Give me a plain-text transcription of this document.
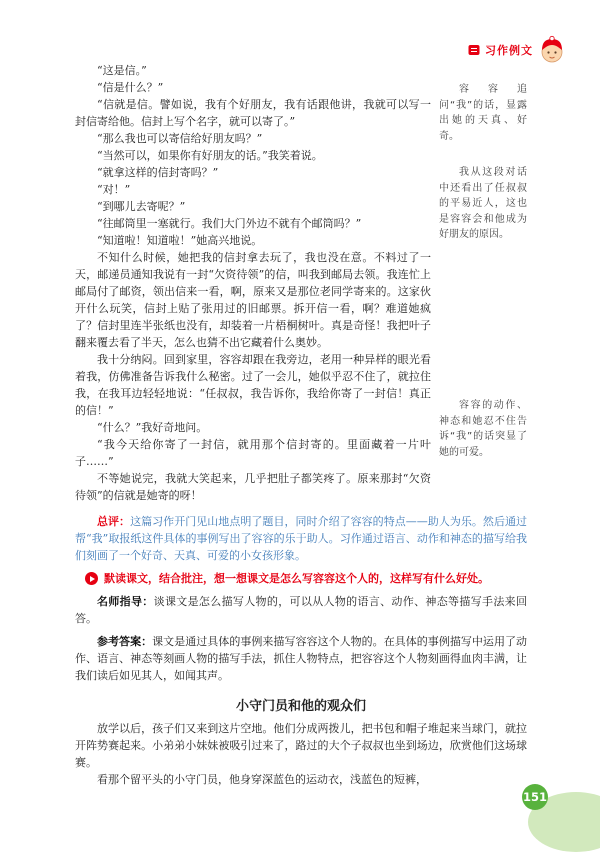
习作例文

“这是信。”

“信是什么？”

“信就是信。譬如说，我有个好朋友，我有话跟他讲，我就可以写一封信寄给他。信封上写个名字，就可以寄了。”

“那么我也可以寄信给好朋友吗？”

“当然可以，如果你有好朋友的话。”我笑着说。

“就拿这样的信封寄吗？”

“对！”

“到哪儿去寄呢？”

“往邮筒里一塞就行。我们大门外边不就有个邮筒吗？”

“知道啦！知道啦！”她高兴地说。

不知什么时候，她把我的信封拿去玩了，我也没在意。不料过了一天，邮递员通知我说有一封“欠资待领”的信，叫我到邮局去领。我连忙上邮局付了邮资，领出信来一看，啊，原来又是那位老同学寄来的。这家伙开什么玩笑，信封上贴了张用过的旧邮票。拆开信一看，啊？难道她疯了？信封里连半张纸也没有，却装着一片梧桐树叶。真是奇怪！我把叶子翻来覆去看了半天，怎么也猜不出它藏着什么奥妙。

我十分纳闷。回到家里，容容却跟在我旁边，老用一种异样的眼光看着我，仿佛准备告诉我什么秘密。过了一会儿，她似乎忍不住了，就拉住我，在我耳边轻轻地说：“任叔叔，我告诉你，我给你寄了一封信！真正的信！”

“什么？”我好奇地问。

“我今天给你寄了一封信，就用那个信封寄的。里面藏着一片叶子……”

不等她说完，我就大笑起来，几乎把肚子都笑疼了。原来那封“欠资待领”的信就是她寄的呀！

容容追问“我”的话，显露出她的天真、好奇。

我从这段对话中还看出了任叔叔的平易近人，这也是容容会和他成为好朋友的原因。

容容的动作、神态和她忍不住告诉“我”的话突显了她的可爱。

总评：这篇习作开门见山地点明了题目，同时介绍了容容的特点——助人为乐。然后通过帮“我”取报纸这件具体的事例写出了容容的乐于助人。习作通过语言、动作和神态的描写给我们刻画了一个好奇、天真、可爱的小女孩形象。

默读课文，结合批注，想一想课文是怎么写容容这个人的，这样写有什么好处。

名师指导：谈课文是怎么描写人物的，可以从人物的语言、动作、神态等描写手法来回答。

参考答案：课文是通过具体的事例来描写容容这个人物的。在具体的事例描写中运用了动作、语言、神态等刻画人物的描写手法，抓住人物特点，把容容这个人物刻画得血肉丰满，让我们读后如见其人，如闻其声。

小守门员和他的观众们

放学以后，孩子们又来到这片空地。他们分成两拨儿，把书包和帽子堆起来当球门，就拉开阵势赛起来。小弟弟小妹妹被吸引过来了，路过的大个子叔叔也坐到场边，欣赏他们这场球赛。

看那个留平头的小守门员，他身穿深蓝色的运动衣，浅蓝色的短裤，

151
